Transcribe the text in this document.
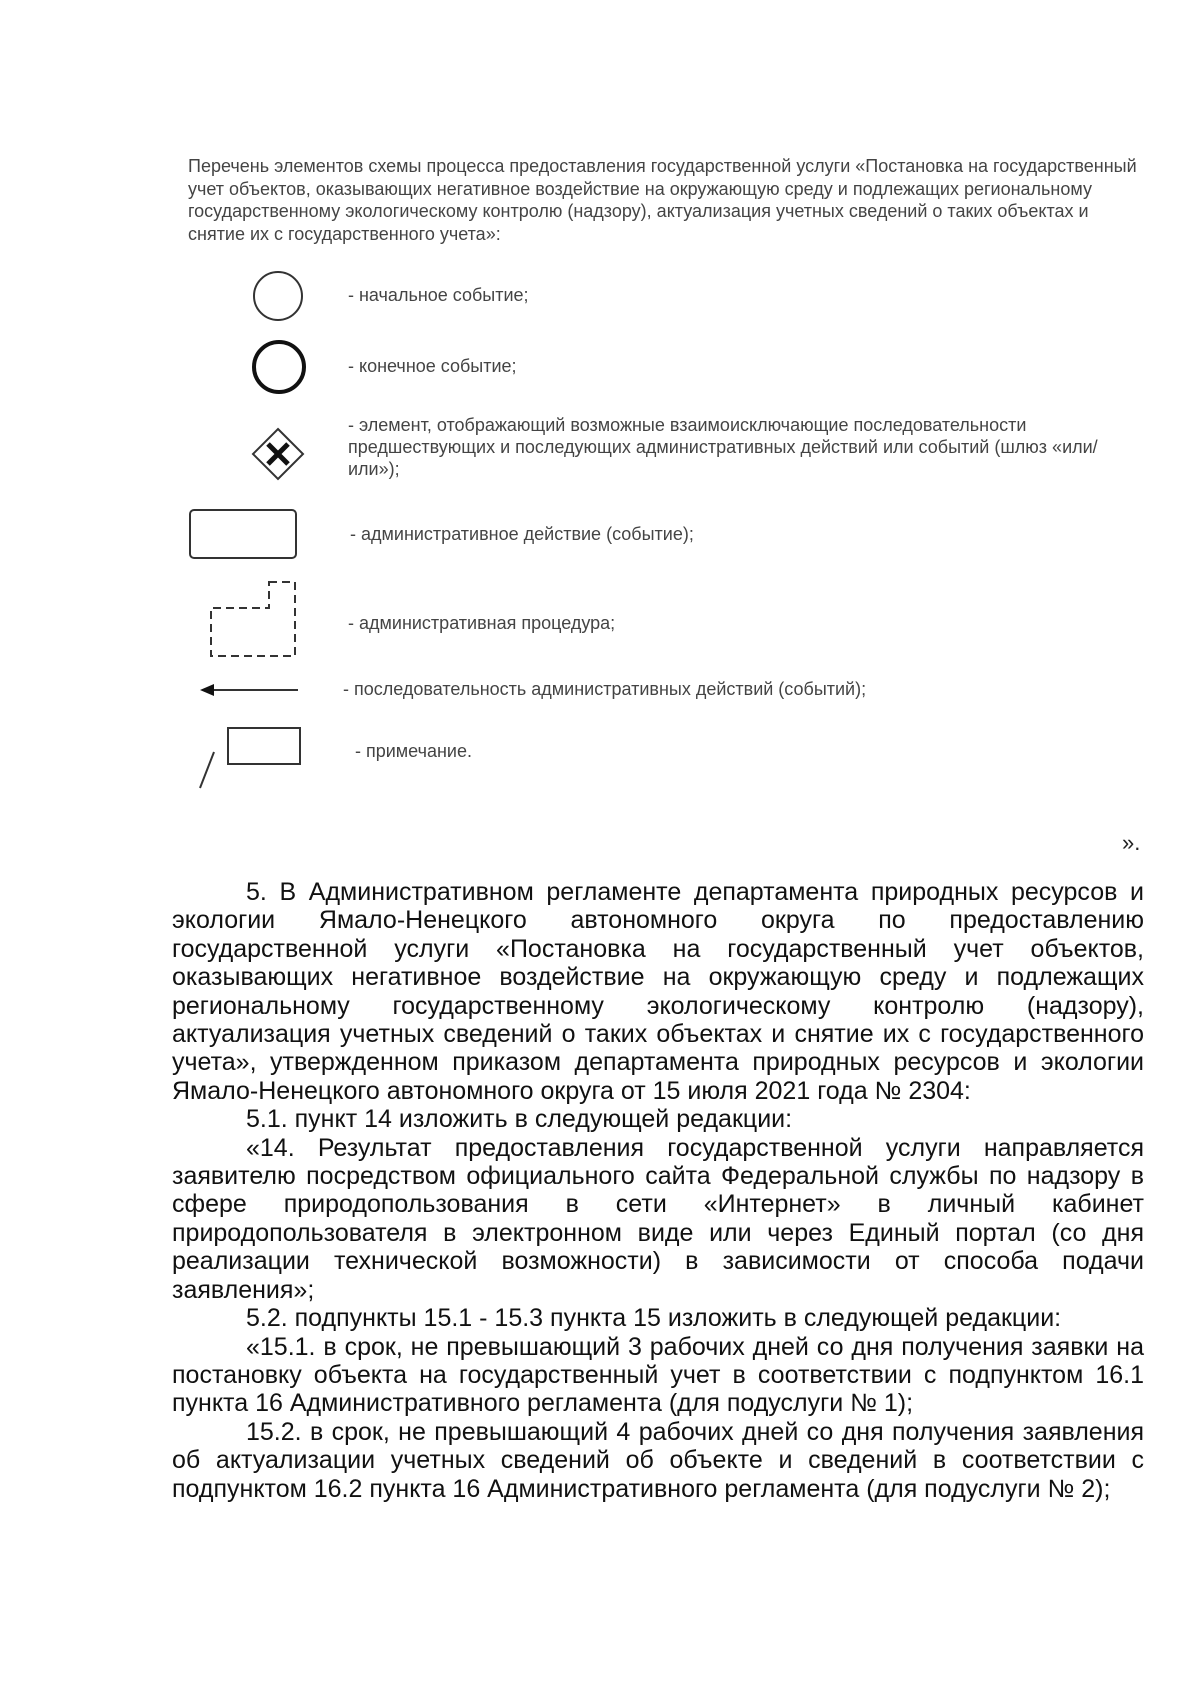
Перечень элементов схемы процесса предоставления государственной услуги «Постановка на государственный учет объектов, оказывающих негативное воздействие на окружающую среду и подлежащих региональному государственному экологическому контролю (надзору), актуализация учетных сведений о таких объектах и снятие их с государственного учета»:

- начальное событие;
- конечное событие;
- элемент, отображающий возможные взаимоисключающие последовательности предшествующих и последующих административных действий или событий (шлюз «или/или»);
- административное действие (событие);
- административная процедура;
- последовательность административных действий (событий);
- примечание.
».

5. В Административном регламенте департамента природных ресурсов и экологии Ямало-Ненецкого автономного округа по предоставлению государственной услуги «Постановка на государственный учет объектов, оказывающих негативное воздействие на окружающую среду и подлежащих региональному государственному экологическому контролю (надзору), актуализация учетных сведений о таких объектах и снятие их с государственного учета», утвержденном приказом департамента природных ресурсов и экологии Ямало-Ненецкого автономного округа от 15 июля 2021 года № 2304:

5.1. пункт 14 изложить в следующей редакции:

«14. Результат предоставления государственной услуги направляется заявителю посредством официального сайта Федеральной службы по надзору в сфере природопользования в сети «Интернет» в личный кабинет природопользователя в электронном виде или через Единый портал (со дня реализации технической возможности) в зависимости от способа подачи заявления»;

5.2. подпункты 15.1 - 15.3 пункта 15 изложить в следующей редакции:

«15.1. в срок, не превышающий 3 рабочих дней со дня получения заявки на постановку объекта на государственный учет в соответствии с подпунктом 16.1 пункта 16 Административного регламента (для подуслуги № 1);

15.2. в срок, не превышающий 4 рабочих дней со дня получения заявления об актуализации учетных сведений об объекте и сведений в соответствии с подпунктом 16.2 пункта 16 Административного регламента (для подуслуги № 2);
